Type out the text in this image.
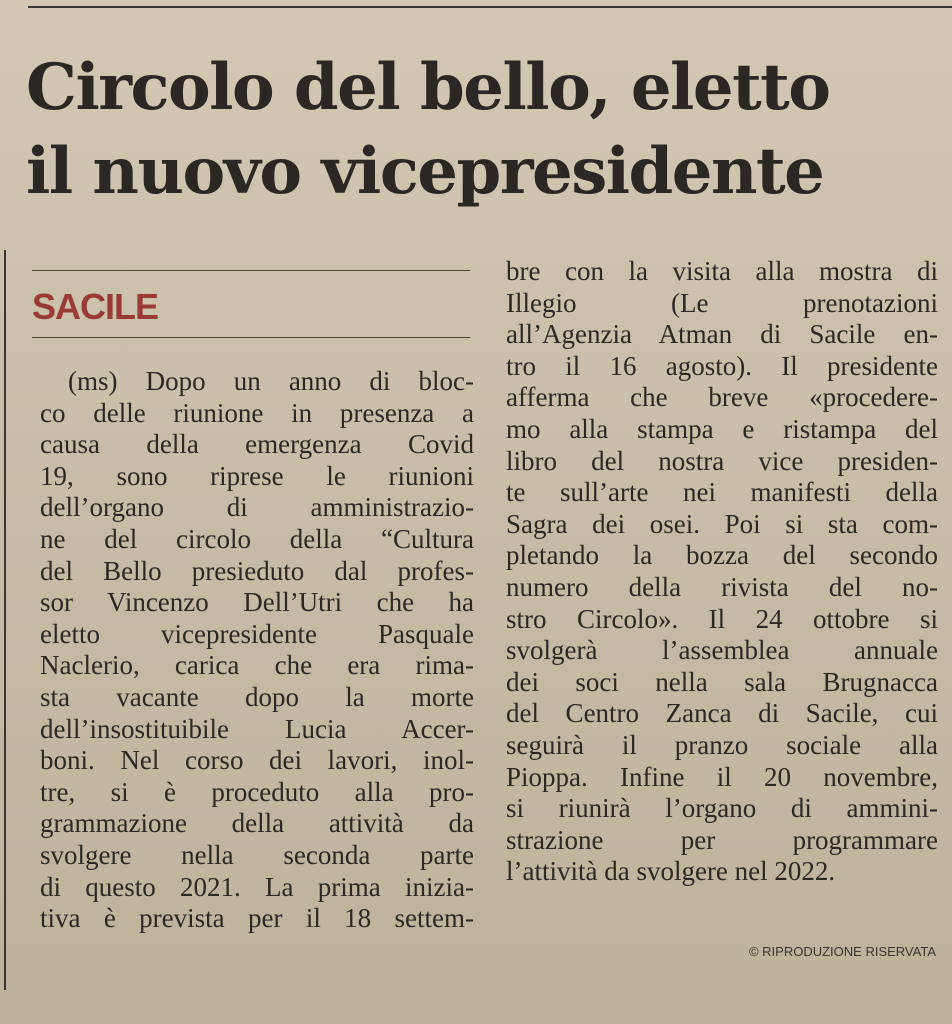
Circolo del bello, eletto
il nuovo vicepresidente
SACILE
(ms) Dopo un anno di bloc-
co delle riunione in presenza a
causa della emergenza Covid
19, sono riprese le riunioni
dell’organo di amministrazio-
ne del circolo della “Cultura
del Bello presieduto dal profes-
sor Vincenzo Dell’Utri che ha
eletto vicepresidente Pasquale
Naclerio, carica che era rima-
sta vacante dopo la morte
dell’insostituibile Lucia Accer-
boni. Nel corso dei lavori, inol-
tre, si è proceduto alla pro-
grammazione della attività da
svolgere nella seconda parte
di questo 2021. La prima inizia-
tiva è prevista per il 18 settem-
bre con la visita alla mostra di
Illegio (Le prenotazioni
all’Agenzia Atman di Sacile en-
tro il 16 agosto). Il presidente
afferma che breve «procedere-
mo alla stampa e ristampa del
libro del nostra vice presiden-
te sull’arte nei manifesti della
Sagra dei osei. Poi si sta com-
pletando la bozza del secondo
numero della rivista del no-
stro Circolo». Il 24 ottobre si
svolgerà l’assemblea annuale
dei soci nella sala Brugnacca
del Centro Zanca di Sacile, cui
seguirà il pranzo sociale alla
Pioppa. Infine il 20 novembre,
si riunirà l’organo di ammini-
strazione per programmare
l’attività da svolgere nel 2022.
© RIPRODUZIONE RISERVATA
